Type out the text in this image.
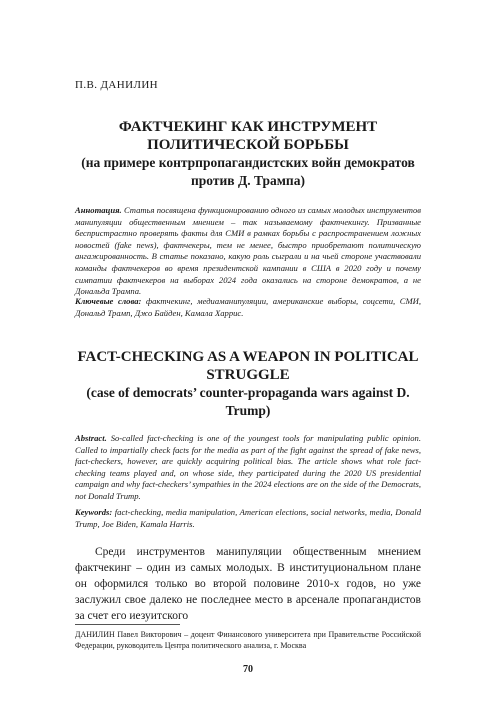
П.В. ДАНИЛИН
ФАКТЧЕКИНГ КАК ИНСТРУМЕНТ ПОЛИТИЧЕСКОЙ БОРЬБЫ
(на примере контрпропагандистских войн демократов против Д. Трампа)
Аннотация. Статья посвящена функционированию одного из самых молодых инструментов манипуляции общественным мнением – так называемому фактчекингу. Призванные беспристрастно проверять факты для СМИ в рамках борьбы с распространением ложных новостей (fake news), фактчекеры, тем не менее, быстро приобретают политическую ангажированность. В статье показано, какую роль сыграли и на чьей стороне участвовали команды фактчекеров во время президентской кампании в США в 2020 году и почему симпатии фактчекеров на выборах 2024 года оказались на стороне демократов, а не Дональда Трампа.
Ключевые слова: фактчекинг, медиаманипуляции, американские выборы, соцсети, СМИ, Дональд Трамп, Джо Байден, Камала Харрис.
FACT-CHECKING AS A WEAPON IN POLITICAL STRUGGLE
(case of democrats’ counter-propaganda wars against D. Trump)
Abstract. So-called fact-checking is one of the youngest tools for manipulating public opinion. Called to impartially check facts for the media as part of the fight against the spread of fake news, fact-checkers, however, are quickly acquiring political bias. The article shows what role fact-checking teams played and, on whose side, they participated during the 2020 US presidential campaign and why fact-checkers’ sympathies in the 2024 elections are on the side of the Democrats, not Donald Trump.
Keywords: fact-checking, media manipulation, American elections, social networks, media, Donald Trump, Joe Biden, Kamala Harris.
Среди инструментов манипуляции общественным мнением фактчекинг – один из самых молодых. В институциональном плане он оформился только во второй половине 2010-х годов, но уже заслужил свое далеко не последнее место в арсенале пропагандистов за счет его иезуитского
ДАНИЛИН Павел Викторович – доцент Финансового университета при Правительстве Российской Федерации, руководитель Центра политического анализа, г. Москва
70
